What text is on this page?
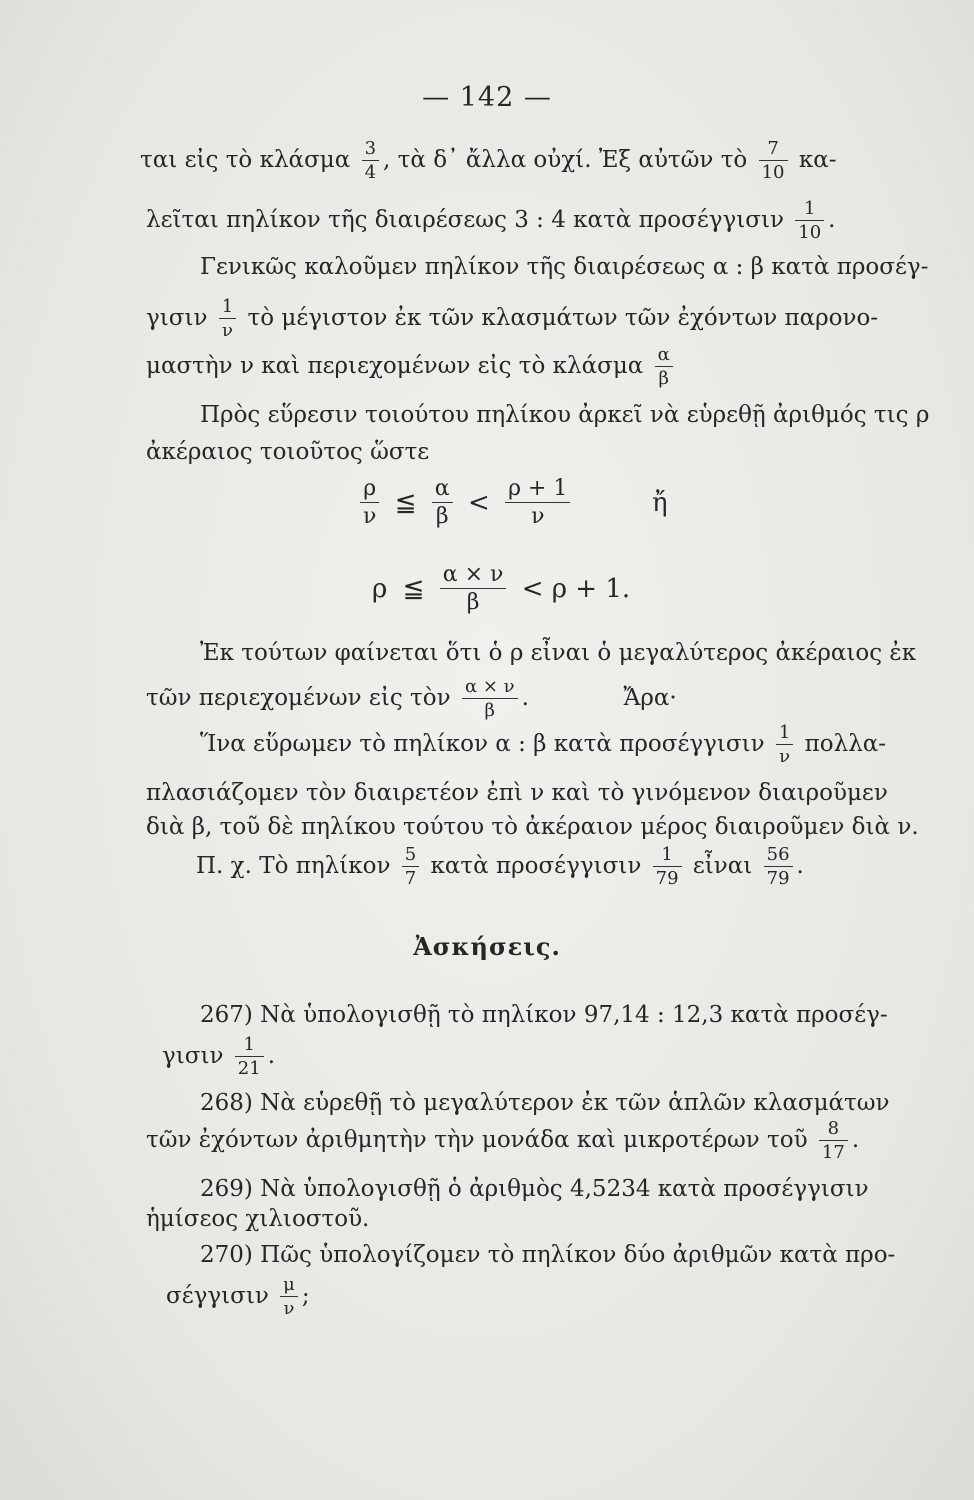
— 142 —
ται εἰς τὸ κλάσμα $\frac{3}{4}$ , τὰ δ᾽ ἄλλα οὐχί. Ἐξ αὐτῶν τὸ $\frac{7}{10} \kappa\alpha-$
λεῖται πηλίκον τῆς διαιρέσεως 3 : 4 κατὰ προσέγγισιν $\frac{1}{10}$ .
Γενικῶς καλοῦμεν πηλίκον τῆς διαιρέσεως α : β κατὰ προσέγ-
γισιν $\frac{1}{\nu}$ τὸ μέγιστον ἐκ τῶν κλασμάτων τῶν ἐχόντων παρονο-
μαστὴν ν καὶ περιεχομένων εἰς τὸ κλάσμα $\frac{\alpha}{\beta}$
Πρὸς εὕρεσιν τοιούτου πηλίκου ἀρκεῖ νὰ εὑρεθῇ ἀριθμός τις ρ
ἀκέραιος τοιοῦτος ὥστε
$\frac{\rho}{\nu}$ ≦ $\frac{\alpha}{\beta} < \frac{\rho + 1}{\nu}$	ἤ
ρ ≦ $\frac{\alpha \times \nu}{\beta} < \rho + 1$.
Ἐκ τούτων φαίνεται ὅτι ὁ ρ εἶναι ὁ μεγαλύτερος ἀκέραιος ἐκ
τῶν περιεχομένων εἰς τὸν $\frac{\alpha \times \nu}{\beta}$ .	Ἄρα·
Ἵνα εὕρωμεν τὸ πηλίκον α : β κατὰ προσέγγισιν $\frac{1}{\nu} \pi o\lambda\lambda\alpha-$
πλασιάζομεν τὸν διαιρετέον ἐπὶ ν καὶ τὸ γινόμενον διαιροῦμεν
διὰ β, τοῦ δὲ πηλίκου τούτου τὸ ἀκέραιον μέρος διαιροῦμεν διὰ ν.
Π. χ. Τὸ πηλίκον $\frac{5}{7}$ κατὰ προσέγγισιν $\frac{1}{79}$ εἶναι $\frac{56}{79}$ .
Ἀσκήσεις.
267) Νὰ ὑπολογισθῇ τὸ πηλίκον 97,14 : 12,3 κατὰ προσέγ-
γισιν $\frac{1}{21}$ .
268) Νὰ εὑρεθῇ τὸ μεγαλύτερον ἐκ τῶν ἁπλῶν κλασμάτων
τῶν ἐχόντων ἀριθμητὴν τὴν μονάδα καὶ μικροτέρων τοῦ $\frac{8}{17}$ .
269) Νὰ ὑπολογισθῇ ὁ ἀριθμὸς 4,5234 κατὰ προσέγγισιν
ἡμίσεος χιλιοστοῦ.
270) Πῶς ὑπολογίζομεν τὸ πηλίκον δύο ἀριθμῶν κατὰ προ-
σέγγισιν $\frac{\mu}{\nu}$ ;
